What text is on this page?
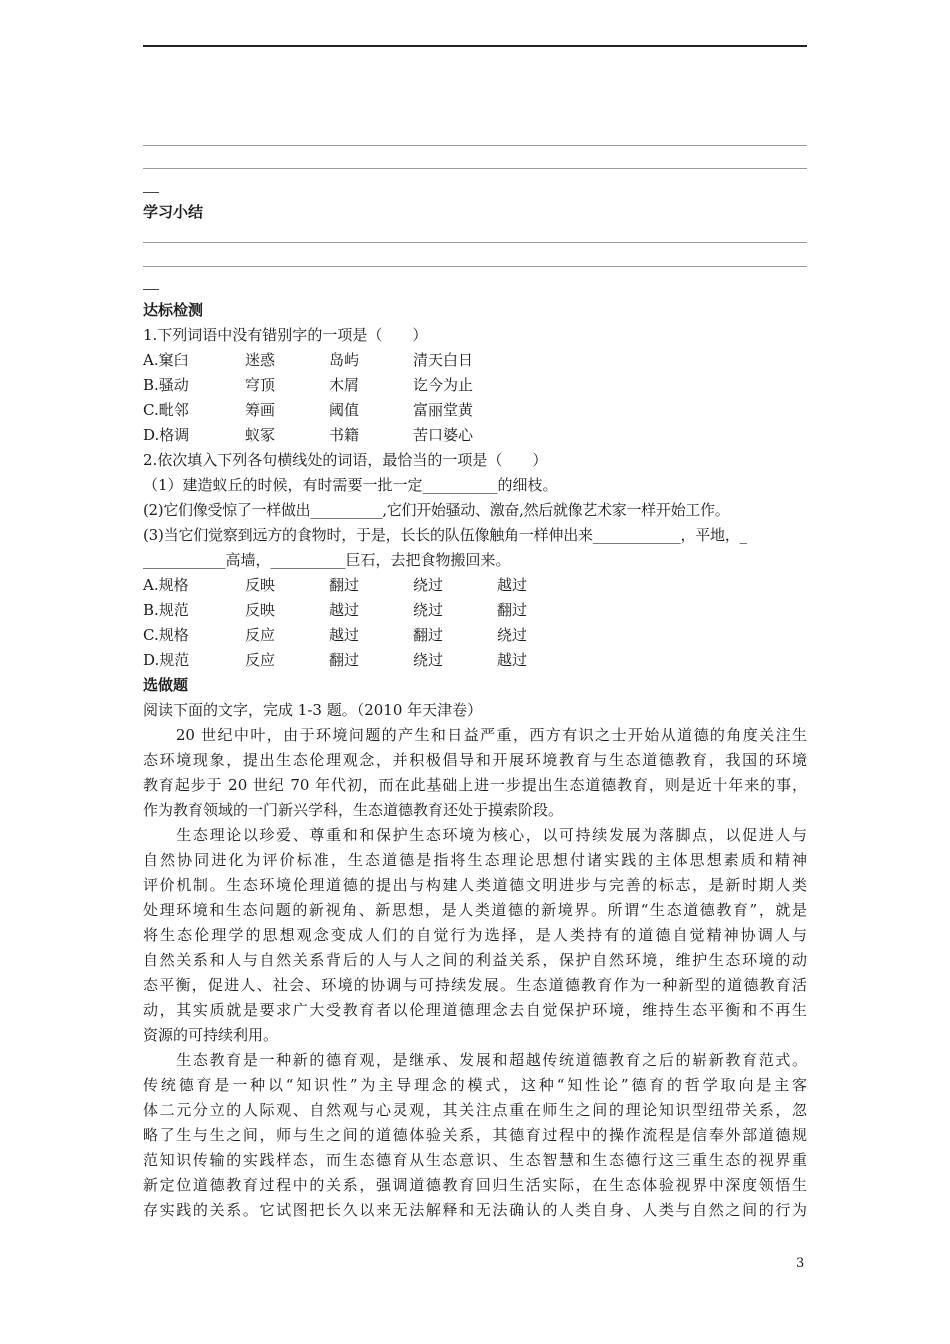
学习小结
达标检测
1.下列词语中没有错别字的一项是（　　）
A.窠臼	迷惑	岛屿	清天白日
B.骚动	穹顶	木屑	讫今为止
C.毗邻	筹画	阈值	富丽堂黄
D.格调	蚁冢	书籍	苦口婆心
2.依次填入下列各句横线处的词语，最恰当的一项是（　　）
（1）建造蚁丘的时候，有时需要一批一定__________的细枝。
(2)它们像受惊了一样做出__________,它们开始骚动、激奋,然后就像艺术家一样开始工作。
(3)当它们觉察到远方的食物时，于是，长长的队伍像触角一样伸出来____________，平地，_
___________高墙，__________巨石，去把食物搬回来。
A.规格	反映	翻过	绕过	越过
B.规范	反映	越过	绕过	翻过
C.规格	反应	越过	翻过	绕过
D.规范	反应	翻过	绕过	越过
选做题
阅读下面的文字，完成 1-3 题。（2010 年天津卷）
　　20 世纪中叶，由于环境问题的产生和日益严重，西方有识之士开始从道德的角度关注生
态环境现象，提出生态伦理观念，并积极倡导和开展环境教育与生态道德教育，我国的环境
教育起步于 20 世纪 70 年代初，而在此基础上进一步提出生态道德教育，则是近十年来的事，
作为教育领域的一门新兴学科，生态道德教育还处于摸索阶段。
　　生态理论以珍爱、尊重和和保护生态环境为核心，以可持续发展为落脚点，以促进人与
自然协同进化为评价标准，生态道德是指将生态理论思想付诸实践的主体思想素质和精神
评价机制。生态环境伦理道德的提出与构建人类道德文明进步与完善的标志，是新时期人类
处理环境和生态问题的新视角、新思想，是人类道德的新境界。所谓“生态道德教育”，就是
将生态伦理学的思想观念变成人们的自觉行为选择，是人类持有的道德自觉精神协调人与
自然关系和人与自然关系背后的人与人之间的利益关系，保护自然环境，维护生态环境的动
态平衡，促进人、社会、环境的协调与可持续发展。生态道德教育作为一种新型的道德教育活
动，其实质就是要求广大受教育者以伦理道德理念去自觉保护环境，维持生态平衡和不再生
资源的可持续利用。
　　生态教育是一种新的德育观，是继承、发展和超越传统道德教育之后的崭新教育范式。
传统德育是一种以“知识性”为主导理念的模式，这种“知性论”德育的哲学取向是主客
体二元分立的人际观、自然观与心灵观，其关注点重在师生之间的理论知识型纽带关系，忽
略了生与生之间，师与生之间的道德体验关系，其德育过程中的操作流程是信奉外部道德规
范知识传输的实践样态，而生态德育从生态意识、生态智慧和生态德行这三重生态的视界重
新定位道德教育过程中的关系，强调道德教育回归生活实际，在生态体验视界中深度领悟生
存实践的关系。它试图把长久以来无法解释和无法确认的人类自身、人类与自然之间的行为
3
